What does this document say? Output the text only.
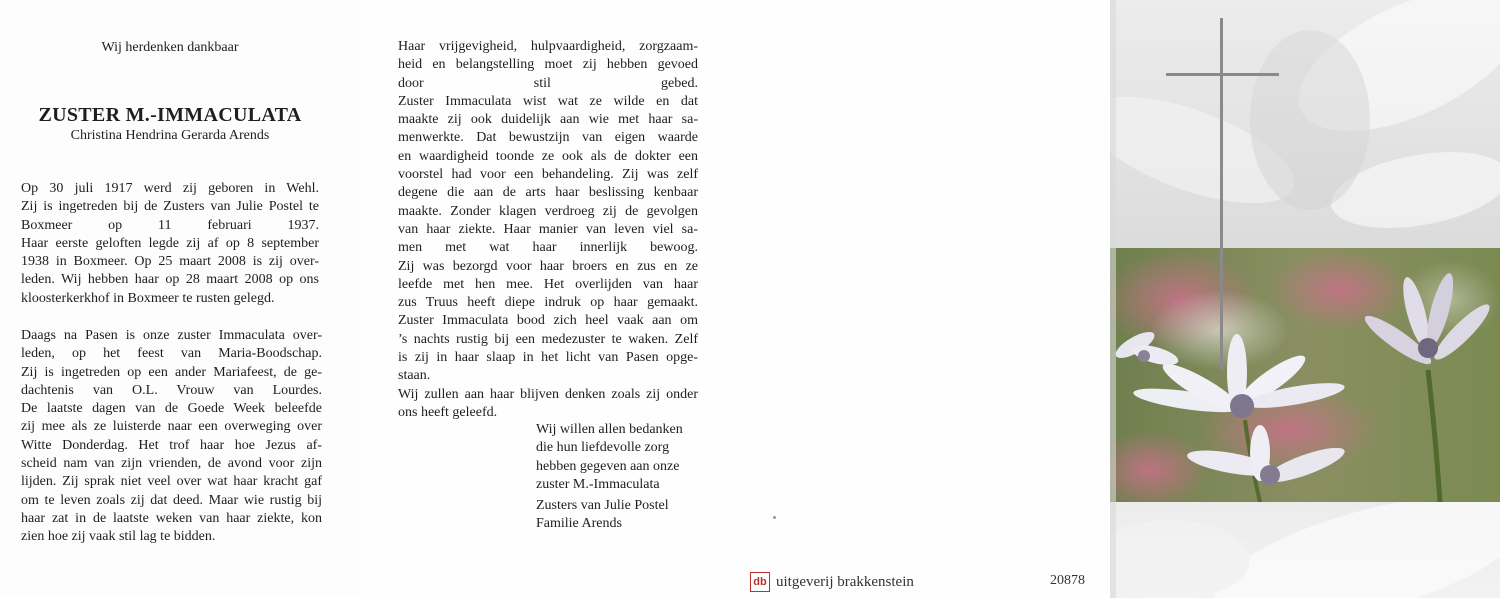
Wij herdenken dankbaar
ZUSTER M.-IMMACULATA
Christina Hendrina Gerarda Arends
Op 30 juli 1917 werd zij geboren in Wehl.
Zij is ingetreden bij de Zusters van Julie Postel te
Boxmeer op 11 februari 1937.
Haar eerste geloften legde zij af op 8 september
1938 in Boxmeer. Op 25 maart 2008 is zij over-
leden. Wij hebben haar op 28 maart 2008 op ons
kloosterkerkhof in Boxmeer te rusten gelegd.
Daags na Pasen is onze zuster Immaculata over-
leden, op het feest van Maria-Boodschap.
Zij is ingetreden op een ander Mariafeest, de ge-
dachtenis van O.L. Vrouw van Lourdes.
De laatste dagen van de Goede Week beleefde
zij mee als ze luisterde naar een overweging over
Witte Donderdag. Het trof haar hoe Jezus af-
scheid nam van zijn vrienden, de avond voor zijn
lijden. Zij sprak niet veel over wat haar kracht gaf
om te leven zoals zij dat deed. Maar wie rustig bij
haar zat in de laatste weken van haar ziekte, kon
zien hoe zij vaak stil lag te bidden.
Haar vrijgevigheid, hulpvaardigheid, zorgzaam-
heid en belangstelling moet zij hebben gevoed
door stil gebed.
Zuster Immaculata wist wat ze wilde en dat
maakte zij ook duidelijk aan wie met haar sa-
menwerkte. Dat bewustzijn van eigen waarde
en waardigheid toonde ze ook als de dokter een
voorstel had voor een behandeling. Zij was zelf
degene die aan de arts haar beslissing kenbaar
maakte. Zonder klagen verdroeg zij de gevolgen
van haar ziekte. Haar manier van leven viel sa-
men met wat haar innerlijk bewoog.
Zij was bezorgd voor haar broers en zus en ze
leefde met hen mee. Het overlijden van haar
zus Truus heeft diepe indruk op haar gemaakt.
Zuster Immaculata bood zich heel vaak aan om
’s nachts rustig bij een medezuster te waken. Zelf
is zij in haar slaap in het licht van Pasen opge-
staan.
Wij zullen aan haar blijven denken zoals zij onder
ons heeft geleefd.
Wij willen allen bedanken
die hun liefdevolle zorg
hebben gegeven aan onze
zuster M.-Immaculata
Zusters van Julie Postel
Familie Arends
db uitgeverij brakkenstein	20878
